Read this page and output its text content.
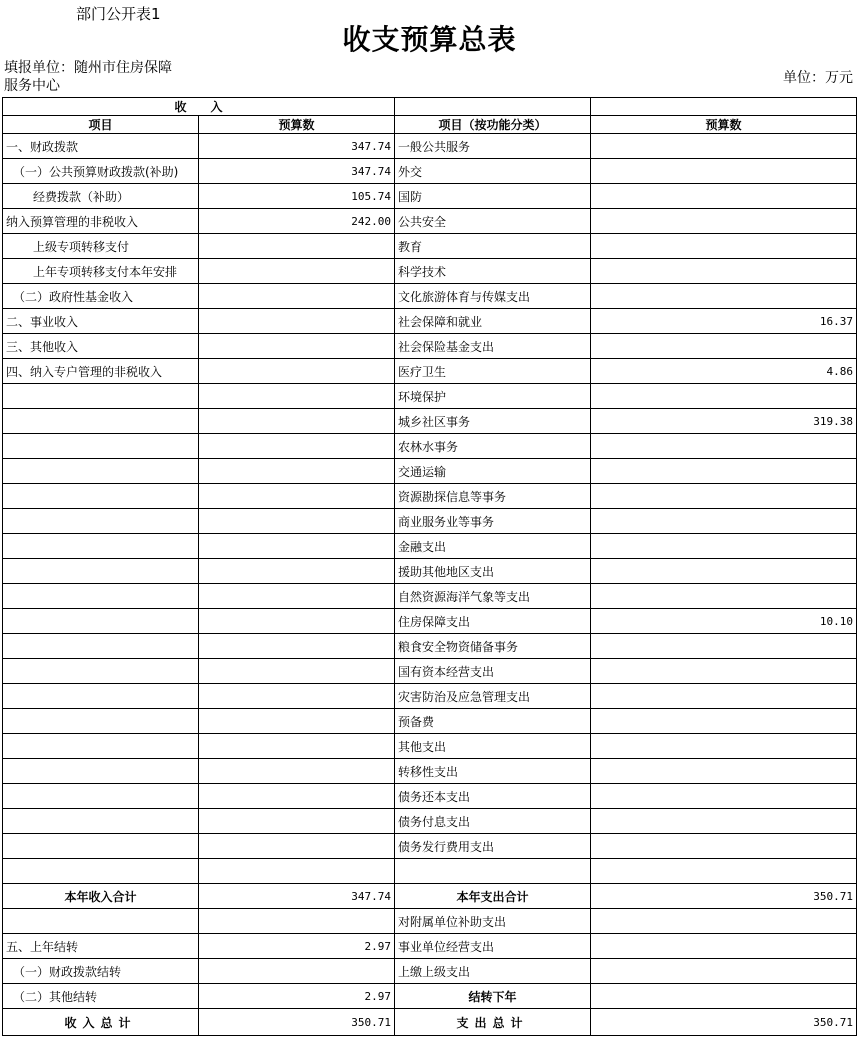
部门公开表1
收支预算总表
填报单位：随州市住房保障
服务中心	单位：万元
收　　入			
项目	预算数	项目（按功能分类）	预算数
一、财政拨款	347.74	一般公共服务	
（一）公共预算财政拨款(补助)	347.74	外交	
经费拨款（补助）	105.74	国防	
纳入预算管理的非税收入	242.00	公共安全	
上级专项转移支付		教育	
上年专项转移支付本年安排		科学技术	
（二）政府性基金收入		文化旅游体育与传媒支出	
二、事业收入		社会保障和就业	16.37
三、其他收入		社会保险基金支出	
四、纳入专户管理的非税收入		医疗卫生	4.86
		环境保护	
		城乡社区事务	319.38
		农林水事务	
		交通运输	
		资源勘探信息等事务	
		商业服务业等事务	
		金融支出	
		援助其他地区支出	
		自然资源海洋气象等支出	
		住房保障支出	10.10
		粮食安全物资储备事务	
		国有资本经营支出	
		灾害防治及应急管理支出	
		预备费	
		其他支出	
		转移性支出	
		债务还本支出	
		债务付息支出	
		债务发行费用支出	

本年收入合计	347.74	本年支出合计	350.71
		对附属单位补助支出	
五、上年结转	2.97	事业单位经营支出	
（一）财政拨款结转		上缴上级支出	
（二）其他结转	2.97	结转下年	
收入总计	350.71	支出总计	350.71
